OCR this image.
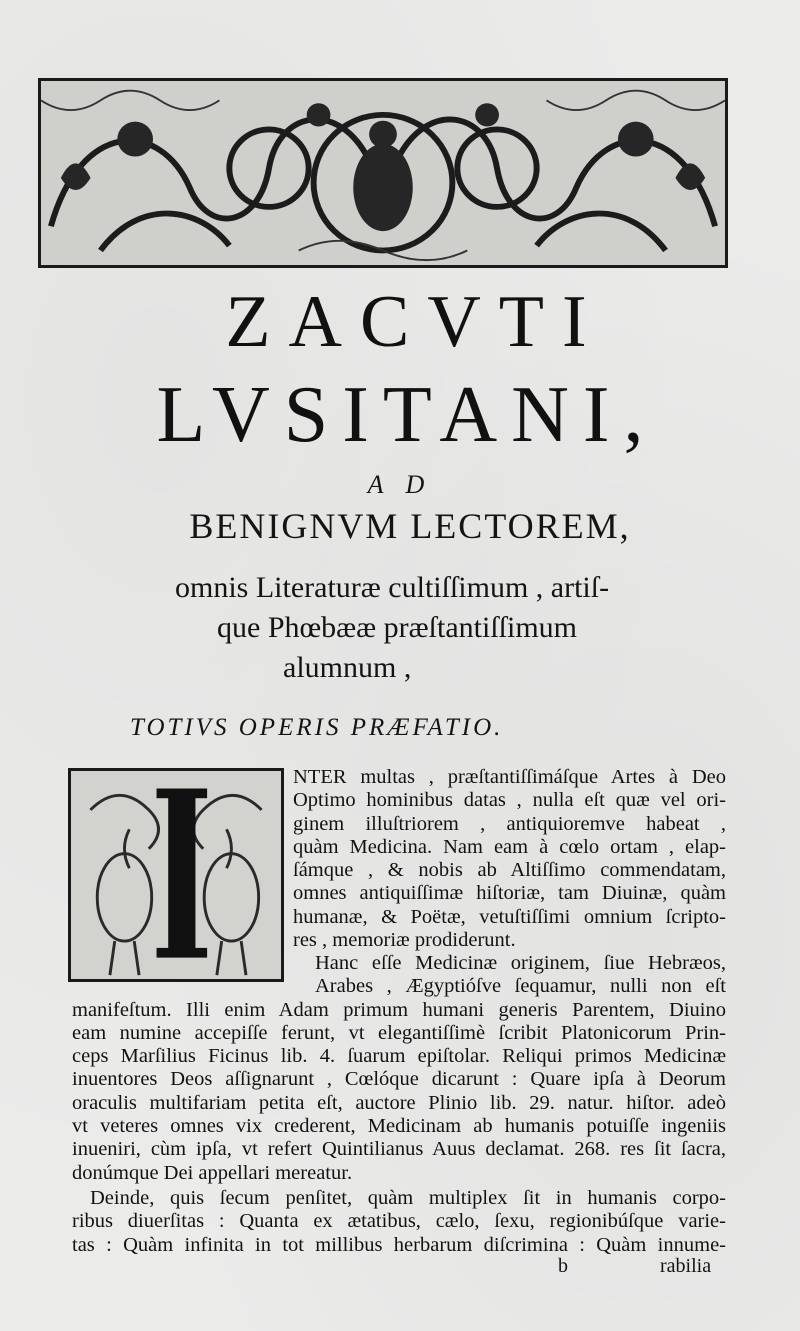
ZACVTI
LVSITANI,
A D
BENIGNVM LECTOREM,
omnis Literaturæ cultiſſimum , artiſ-
que Phœbææ præſtantiſſimum
alumnum ,
TOTIVS OPERIS PRÆFATIO.

NTER multas , præſtantiſſimáſque Artes à Deo

Optimo hominibus datas , nulla eſt quæ vel ori-

ginem illuſtriorem , antiquioremve habeat ,

quàm Medicina. Nam eam à cœlo ortam , elap-

ſámque , & nobis ab Altiſſimo commendatam,

omnes antiquiſſimæ hiſtoriæ, tam Diuinæ, quàm

humanæ, & Poëtæ, vetuſtiſſimi omnium ſcripto-

res , memoriæ prodiderunt.

Hanc eſſe Medicinæ originem, ſiue Hebræos,
Arabes , Ægyptióſve ſequamur, nulli non eſt

manifeſtum. Illi enim Adam primum humani generis Parentem, Diuino

eam numine accepiſſe ferunt, vt elegantiſſimè ſcribit Platonicorum Prin-

ceps Marſilius Ficinus lib. 4. ſuarum epiſtolar. Reliqui primos Medicinæ

inuentores Deos aſſignarunt , Cœlóque dicarunt : Quare ipſa à Deorum

oraculis multifariam petita eſt, auctore Plinio lib. 29. natur. hiſtor. adeò

vt veteres omnes vix crederent, Medicinam ab humanis potuiſſe ingeniis

inueniri, cùm ipſa, vt refert Quintilianus Auus declamat. 268. res ſit ſacra,

donúmque Dei appellari mereatur.

Deinde, quis ſecum penſitet, quàm multiplex ſit in humanis corpo-

ribus diuerſitas : Quanta ex ætatibus, cælo, ſexu, regionibúſque varie-

tas : Quàm infinita in tot millibus herbarum diſcrimina : Quàm innume-

b	rabilia
